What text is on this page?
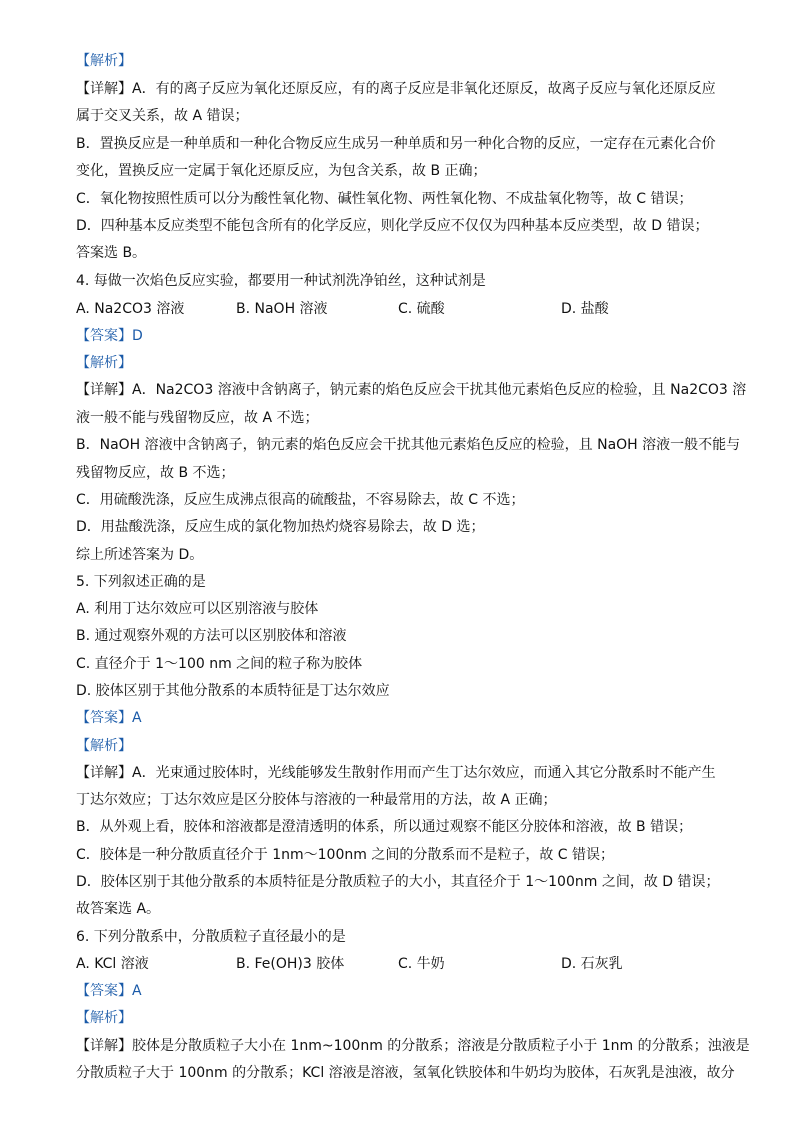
【解析】
【详解】A．有的离子反应为氧化还原反应，有的离子反应是非氧化还原反，故离子反应与氧化还原反应
属于交叉关系，故 A 错误；
B．置换反应是一种单质和一种化合物反应生成另一种单质和另一种化合物的反应，一定存在元素化合价
变化，置换反应一定属于氧化还原反应，为包含关系，故 B 正确；
C．氧化物按照性质可以分为酸性氧化物、碱性氧化物、两性氧化物、不成盐氧化物等，故 C 错误；
D．四种基本反应类型不能包含所有的化学反应，则化学反应不仅仅为四种基本反应类型，故 D 错误；
答案选 B。
4. 每做一次焰色反应实验，都要用一种试剂洗净铂丝，这种试剂是
A. Na2CO3 溶液	B. NaOH 溶液	C. 硫酸	D. 盐酸
【答案】D
【解析】
【详解】A．Na2CO3 溶液中含钠离子，钠元素的焰色反应会干扰其他元素焰色反应的检验，且 Na2CO3 溶
液一般不能与残留物反应，故 A 不选；
B．NaOH 溶液中含钠离子，钠元素的焰色反应会干扰其他元素焰色反应的检验，且 NaOH 溶液一般不能与
残留物反应，故 B 不选；
C．用硫酸洗涤，反应生成沸点很高的硫酸盐，不容易除去，故 C 不选；
D．用盐酸洗涤，反应生成的氯化物加热灼烧容易除去，故 D 选；
综上所述答案为 D。
5. 下列叙述正确的是
A. 利用丁达尔效应可以区别溶液与胶体
B. 通过观察外观的方法可以区别胶体和溶液
C. 直径介于 1～100 nm 之间的粒子称为胶体
D. 胶体区别于其他分散系的本质特征是丁达尔效应
【答案】A
【解析】
【详解】A．光束通过胶体时，光线能够发生散射作用而产生丁达尔效应，而通入其它分散系时不能产生
丁达尔效应；丁达尔效应是区分胶体与溶液的一种最常用的方法，故 A 正确；
B．从外观上看，胶体和溶液都是澄清透明的体系，所以通过观察不能区分胶体和溶液，故 B 错误；
C．胶体是一种分散质直径介于 1nm～100nm 之间的分散系而不是粒子，故 C 错误；
D．胶体区别于其他分散系的本质特征是分散质粒子的大小，其直径介于 1～100nm 之间，故 D 错误；
故答案选 A。
6. 下列分散系中，分散质粒子直径最小的是
A. KCl 溶液	B. Fe(OH)3 胶体	C. 牛奶	D. 石灰乳
【答案】A
【解析】
【详解】胶体是分散质粒子大小在 1nm~100nm 的分散系；溶液是分散质粒子小于 1nm 的分散系；浊液是
分散质粒子大于 100nm 的分散系；KCl 溶液是溶液，氢氧化铁胶体和牛奶均为胶体，石灰乳是浊液，故分
